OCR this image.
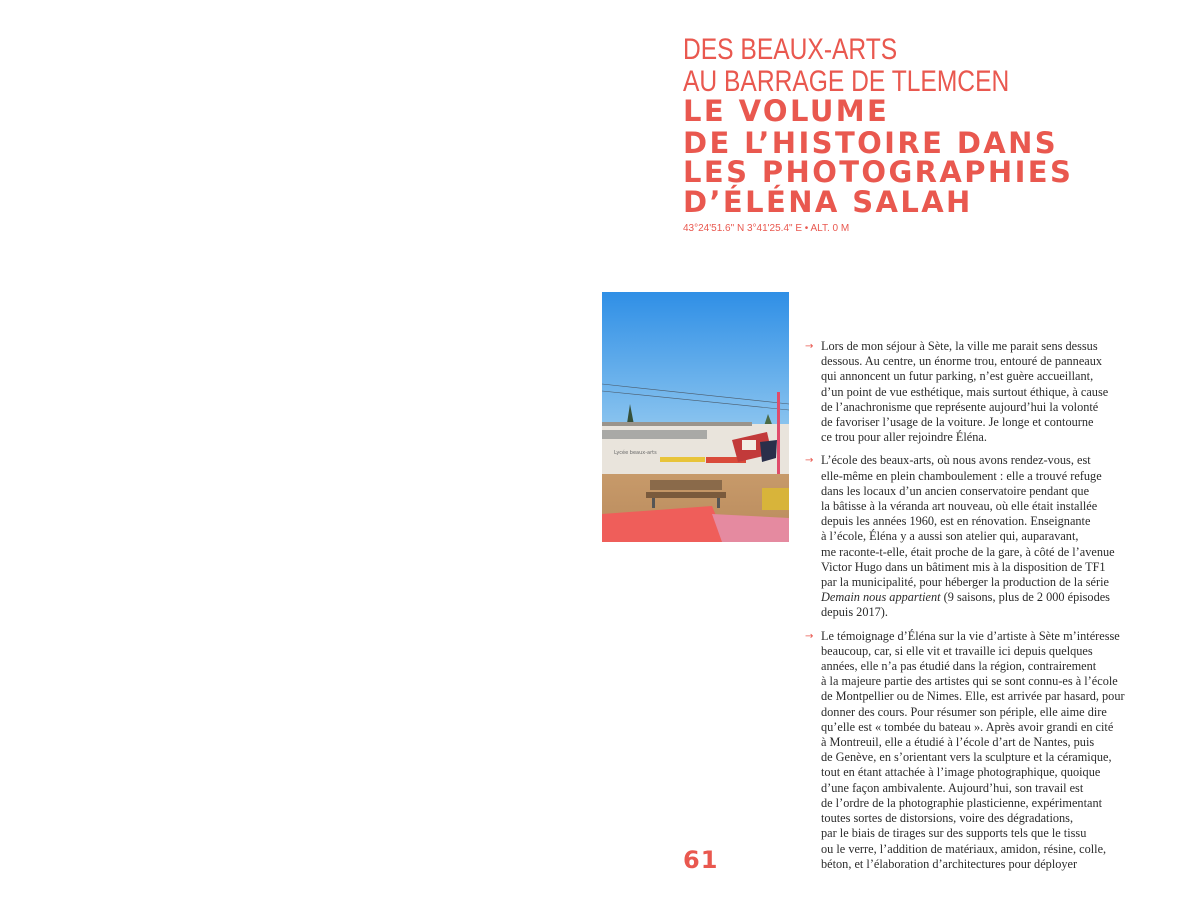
DES BEAUX-ARTS
AU BARRAGE DE TLEMCEN
LE VOLUME
DE L’HISTOIRE DANS
LES PHOTOGRAPHIES
D’ÉLÉNA SALAH
43°24'51.6" N 3°41'25.4" E • ALT. 0 M
Lycée beaux-arts
61
→ Lors de mon séjour à Sète, la ville me parait sens dessus
dessous. Au centre, un énorme trou, entouré de panneaux
qui annoncent un futur parking, n’est guère accueillant,
d’un point de vue esthétique, mais surtout éthique, à cause
de l’anachronisme que représente aujourd’hui la volonté
de favoriser l’usage de la voiture. Je longe et contourne
ce trou pour aller rejoindre Éléna.
→ L’école des beaux-arts, où nous avons rendez-vous, est
elle-même en plein chamboulement : elle a trouvé refuge
dans les locaux d’un ancien conservatoire pendant que
la bâtisse à la véranda art nouveau, où elle était installée
depuis les années 1960, est en rénovation. Enseignante
à l’école, Éléna y a aussi son atelier qui, auparavant,
me raconte-t-elle, était proche de la gare, à côté de l’avenue
Victor Hugo dans un bâtiment mis à la disposition de TF1
par la municipalité, pour héberger la production de la série
Demain nous appartient (9 saisons, plus de 2 000 épisodes
depuis 2017).
→ Le témoignage d’Éléna sur la vie d’artiste à Sète m’intéresse
beaucoup, car, si elle vit et travaille ici depuis quelques
années, elle n’a pas étudié dans la région, contrairement
à la majeure partie des artistes qui se sont connu-es à l’école
de Montpellier ou de Nimes. Elle, est arrivée par hasard, pour
donner des cours. Pour résumer son périple, elle aime dire
qu’elle est « tombée du bateau ». Après avoir grandi en cité
à Montreuil, elle a étudié à l’école d’art de Nantes, puis
de Genève, en s’orientant vers la sculpture et la céramique,
tout en étant attachée à l’image photographique, quoique
d’une façon ambivalente. Aujourd’hui, son travail est
de l’ordre de la photographie plasticienne, expérimentant
toutes sortes de distorsions, voire des dégradations,
par le biais de tirages sur des supports tels que le tissu
ou le verre, l’addition de matériaux, amidon, résine, colle,
béton, et l’élaboration d’architectures pour déployer
